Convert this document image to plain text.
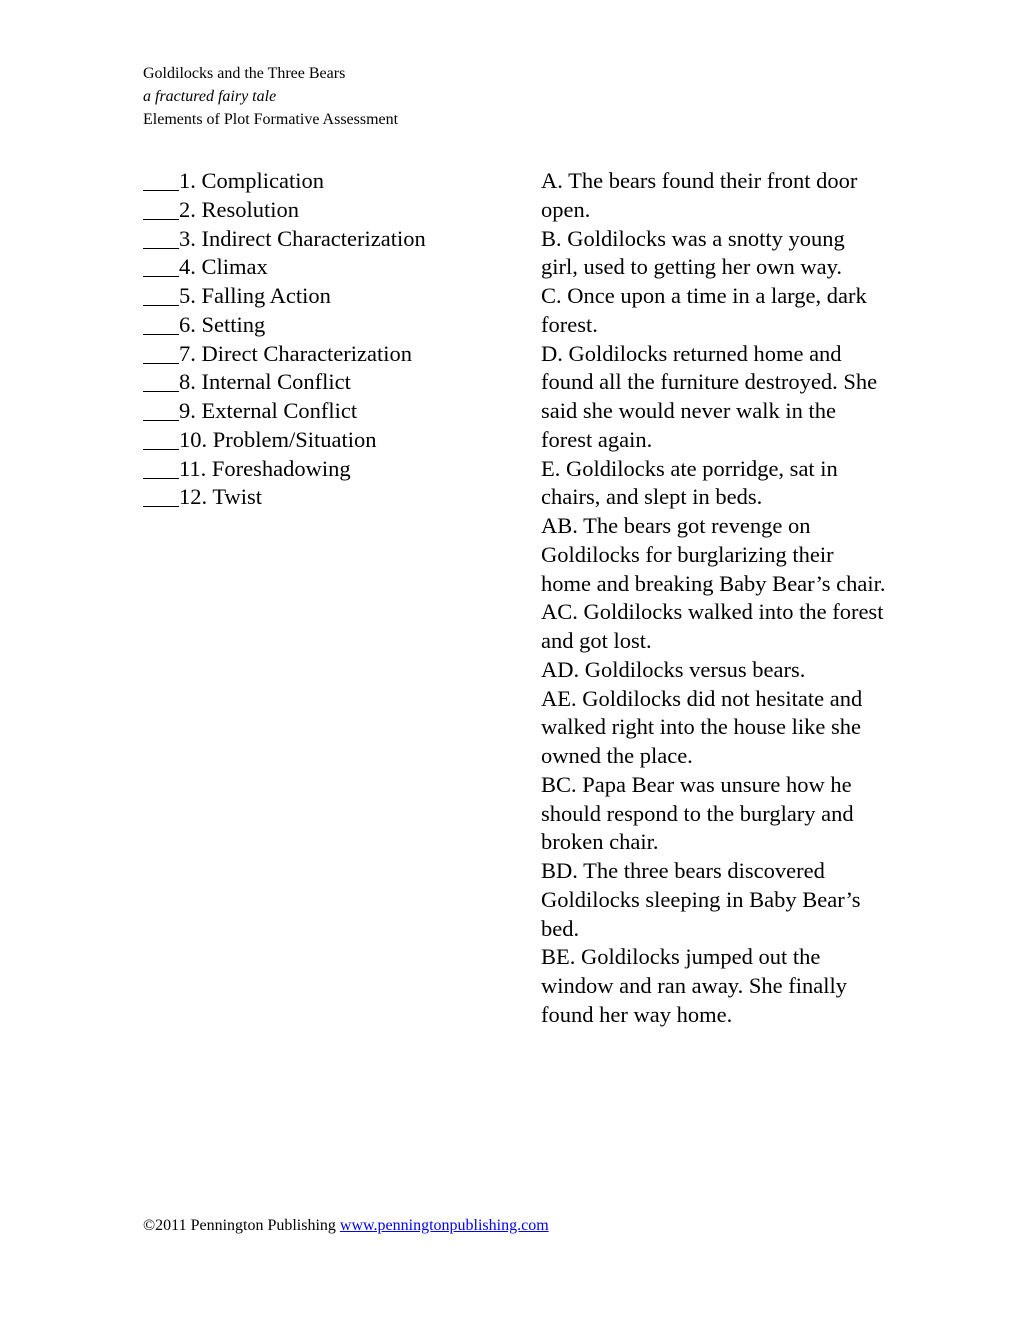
Goldilocks and the Three Bears
a fractured fairy tale
Elements of Plot Formative Assessment
1. Complication
2. Resolution
3. Indirect Characterization
4. Climax
5. Falling Action
6. Setting
7. Direct Characterization
8. Internal Conflict
9. External Conflict
10. Problem/Situation
11. Foreshadowing
12. Twist
A. The bears found their front door open.
B. Goldilocks was a snotty young girl, used to getting her own way.
C. Once upon a time in a large, dark forest.
D. Goldilocks returned home and found all the furniture destroyed. She said she would never walk in the forest again.
E. Goldilocks ate porridge, sat in chairs, and slept in beds.
AB. The bears got revenge on Goldilocks for burglarizing their home and breaking Baby Bear’s chair.
AC. Goldilocks walked into the forest and got lost.
AD. Goldilocks versus bears.
AE. Goldilocks did not hesitate and walked right into the house like she owned the place.
BC. Papa Bear was unsure how he should respond to the burglary and broken chair.
BD. The three bears discovered Goldilocks sleeping in Baby Bear’s bed.
BE. Goldilocks jumped out the window and ran away. She finally found her way home.
©2011 Pennington Publishing www.penningtonpublishing.com
